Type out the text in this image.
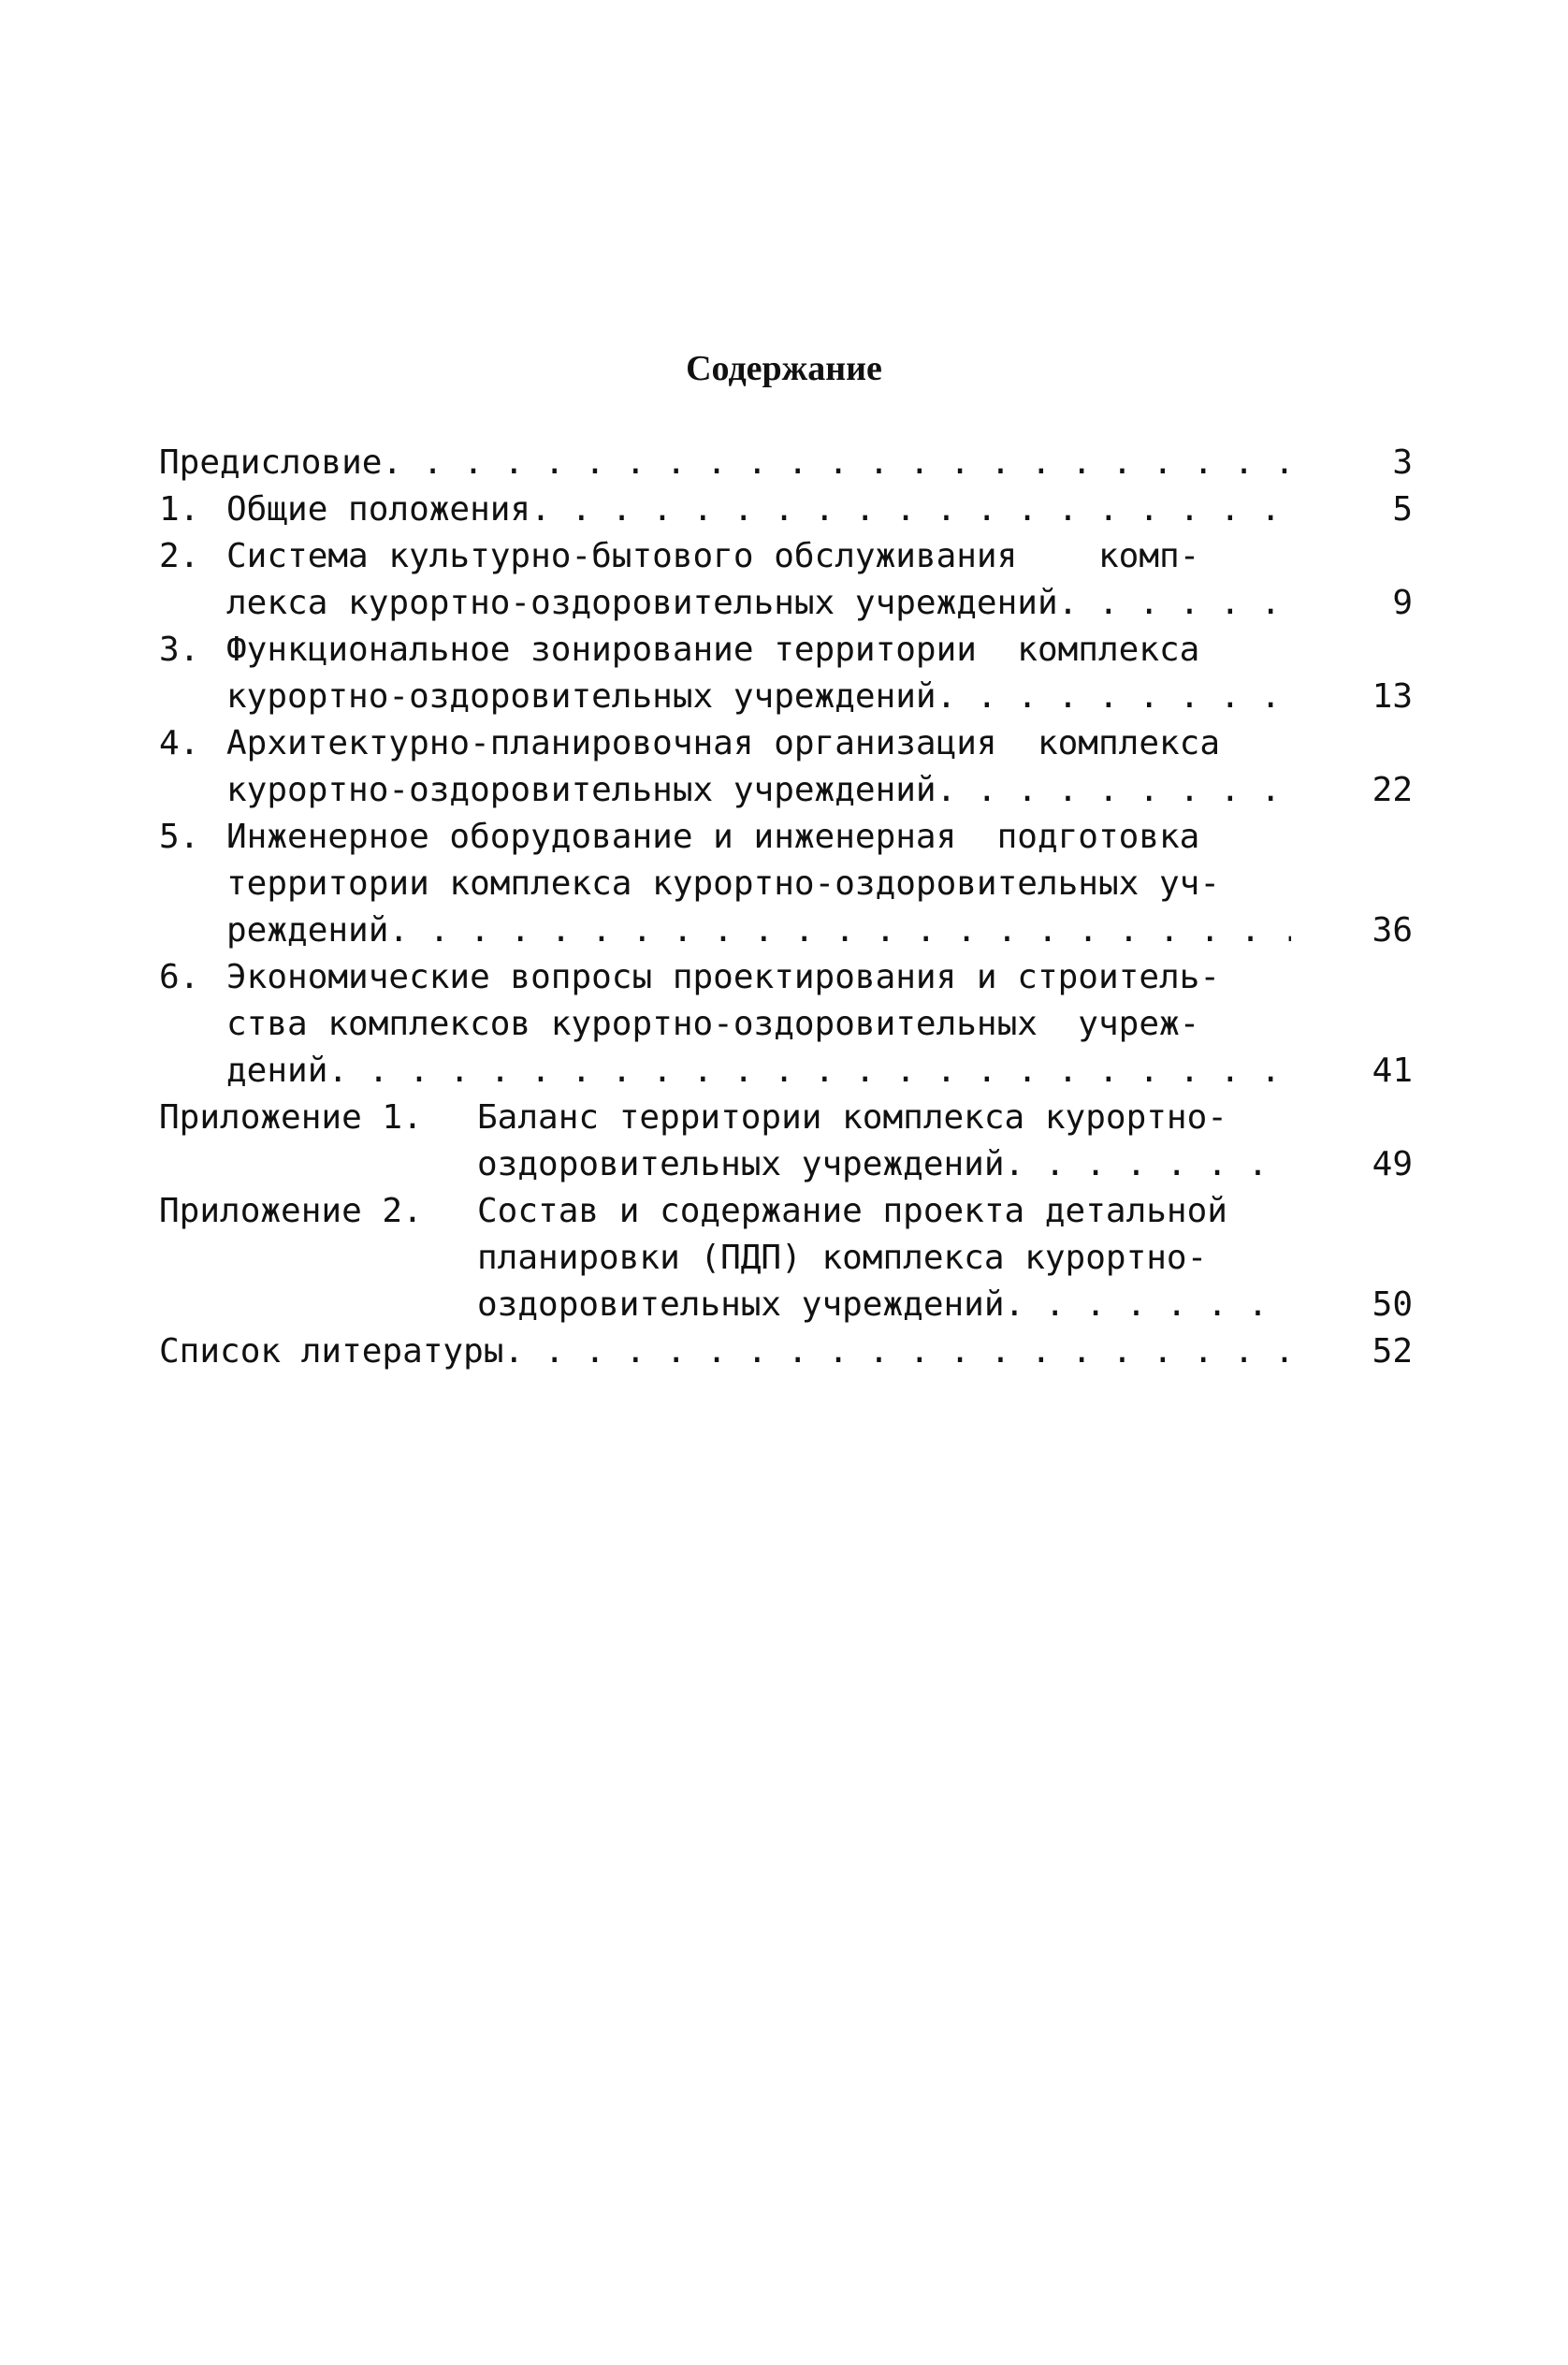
Содержание
Предисловие . . .	3
1. Общие положения . . .	5
2. Система культурно-бытового обслуживания    комп-
лекса курортно-оздоровительных учреждений . . .	9
3. Функциональное зонирование территории  комплекса
курортно-оздоровительных учреждений . . .	13
4. Архитектурно-планировочная организация  комплекса
курортно-оздоровительных учреждений . . .	22
5. Инженерное оборудование и инженерная  подготовка
территории комплекса курортно-оздоровительных уч-
реждений . . .	36
6. Экономические вопросы проектирования и строитель-
ства комплексов курортно-оздоровительных  учреж-
дений . . .	41
Приложение 1.	Баланс территории комплекса курортно-
оздоровительных учреждений . . .	49
Приложение 2.	Состав и содержание проекта детальной
планировки (ПДП) комплекса курортно-
оздоровительных учреждений . . .	50
Список литературы . . .	52
